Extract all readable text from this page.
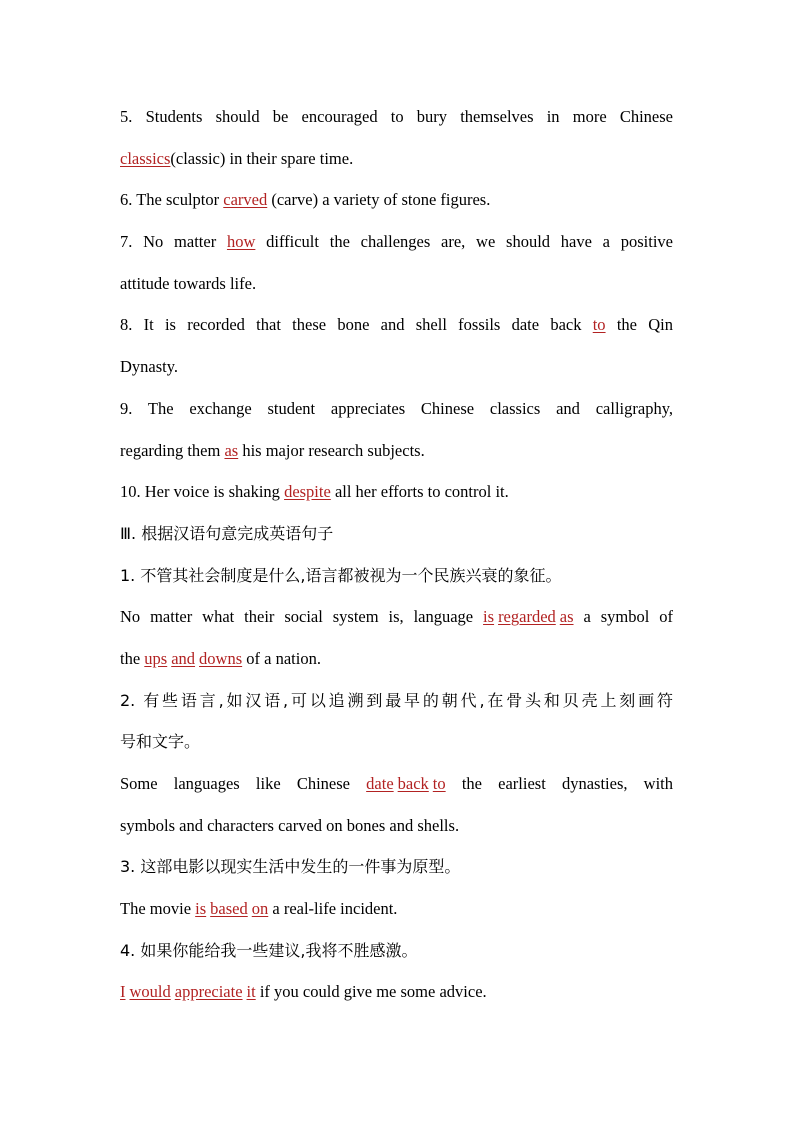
5. Students should be encouraged to bury themselves in more Chinese
classics(classic) in their spare time.
6. The sculptor carved (carve) a variety of stone figures.
7. No matter how difficult the challenges are, we should have a positive
attitude towards life.
8. It is recorded that these bone and shell fossils date back to the Qin
Dynasty.
9. The exchange student appreciates Chinese classics and calligraphy,
regarding them as his major research subjects.
10. Her voice is shaking despite all her efforts to control it.
Ⅲ. 根据汉语句意完成英语句子
1. 不管其社会制度是什么,语言都被视为一个民族兴衰的象征。
No matter what their social system is, language is regarded as a symbol of
the ups and downs of a nation.
2. 有些语言,如汉语,可以追溯到最早的朝代,在骨头和贝壳上刻画符
号和文字。
Some languages like Chinese date back to the earliest dynasties, with
symbols and characters carved on bones and shells.
3. 这部电影以现实生活中发生的一件事为原型。
The movie is based on a real-life incident.
4. 如果你能给我一些建议,我将不胜感激。
I would appreciate it if you could give me some advice.
